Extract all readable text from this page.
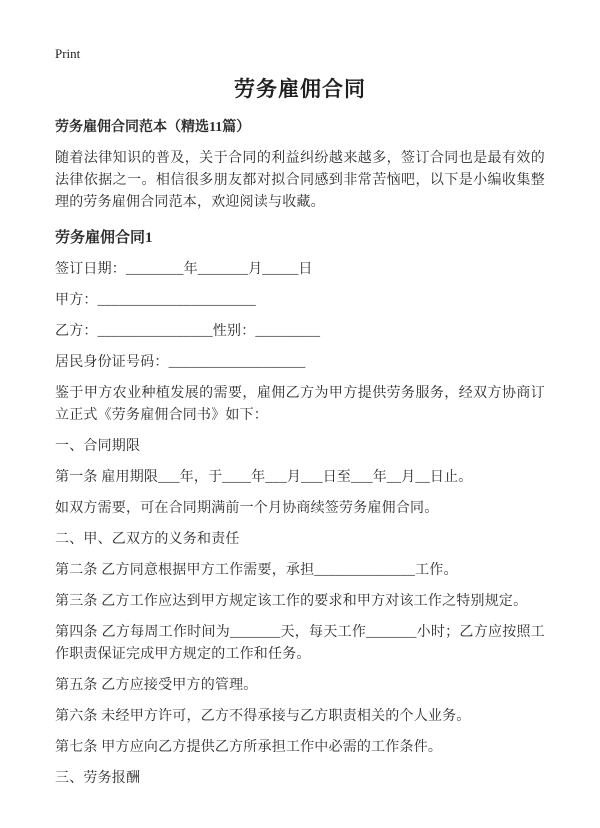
Print

劳务雇佣合同

劳务雇佣合同范本（精选11篇）

随着法律知识的普及，关于合同的利益纠纷越来越多，签订合同也是最有效的法律依据之一。相信很多朋友都对拟合同感到非常苦恼吧，以下是小编收集整理的劳务雇佣合同范本，欢迎阅读与收藏。

劳务雇佣合同1

签订日期：________年_______月_____日

甲方：______________________

乙方：________________性别：_________

居民身份证号码：___________________

鉴于甲方农业种植发展的需要，雇佣乙方为甲方提供劳务服务，经双方协商订立正式《劳务雇佣合同书》如下：

一、合同期限

第一条 雇用期限___年，于____年___月___日至___年__月__日止。

如双方需要，可在合同期满前一个月协商续签劳务雇佣合同。

二、甲、乙双方的义务和责任

第二条 乙方同意根据甲方工作需要，承担______________工作。

第三条 乙方工作应达到甲方规定该工作的要求和甲方对该工作之特别规定。

第四条 乙方每周工作时间为_______天，每天工作_______小时；乙方应按照工作职责保证完成甲方规定的工作和任务。

第五条 乙方应接受甲方的管理。

第六条 未经甲方许可，乙方不得承接与乙方职责相关的个人业务。

第七条 甲方应向乙方提供乙方所承担工作中必需的工作条件。

三、劳务报酬
